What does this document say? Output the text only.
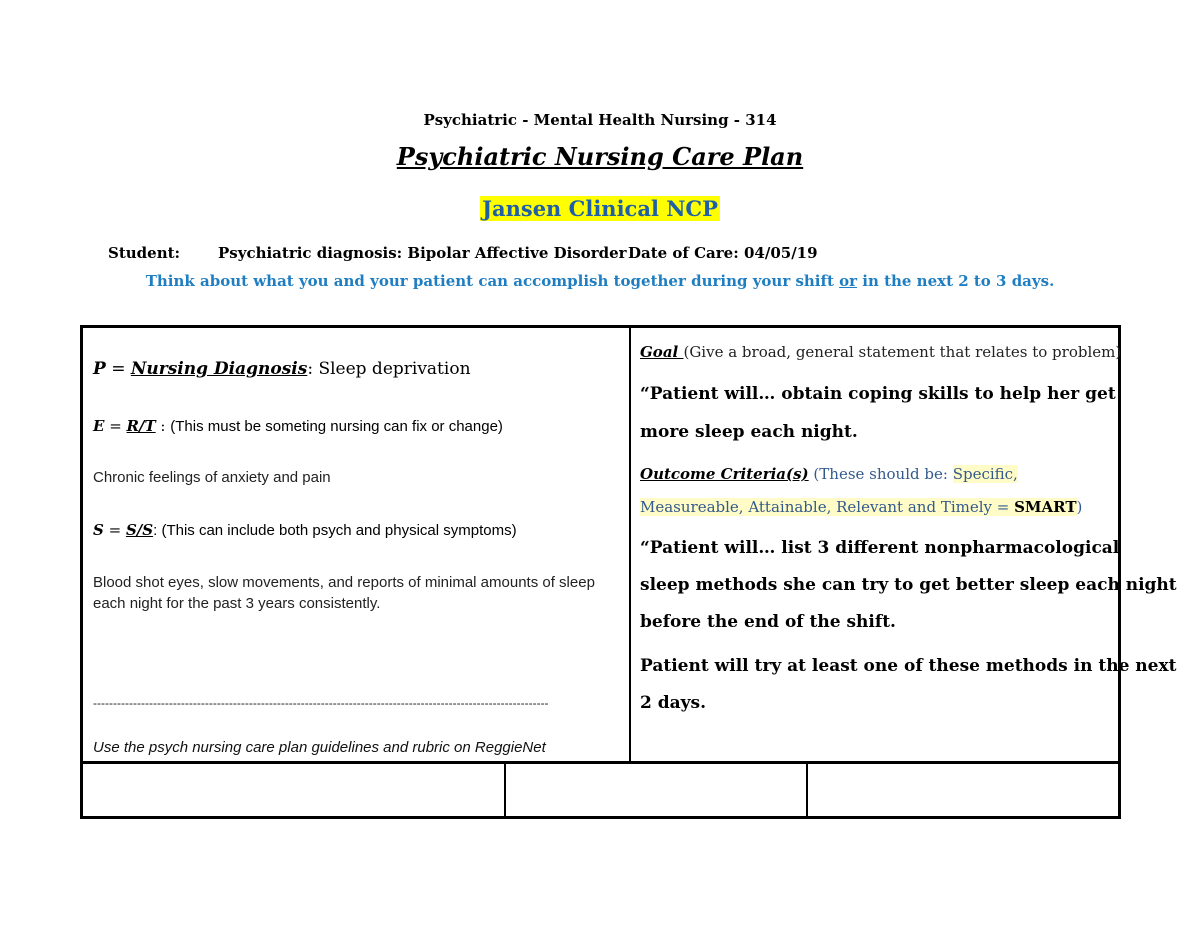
Psychiatric - Mental Health Nursing - 314
Psychiatric Nursing Care Plan
Jansen Clinical NCP
Student:	Psychiatric diagnosis: Bipolar Affective Disorder Date of Care: 04/05/19
Think about what you and your patient can accomplish together during your shift or in the next 2 to 3 days.
P = Nursing Diagnosis: Sleep deprivation
E = R/T : (This must be someting nursing can fix or change)
Chronic feelings of anxiety and pain
S = S/S: (This can include both psych and physical symptoms)
Blood shot eyes, slow movements, and reports of minimal amounts of sleep each night for the past 3 years consistently.
------------------------------------------------------------------------------------------------------------------
Use the psych nursing care plan guidelines and rubric on ReggieNet
Goal (Give a broad, general statement that relates to problem)
“Patient will… obtain coping skills to help her get
more sleep each night.
Outcome Criteria(s) (These should be: Specific,
Measureable, Attainable, Relevant and Timely = SMART)
“Patient will… list 3 different nonpharmacological
sleep methods she can try to get better sleep each night
before the end of the shift.
Patient will try at least one of these methods in the next
2 days.
